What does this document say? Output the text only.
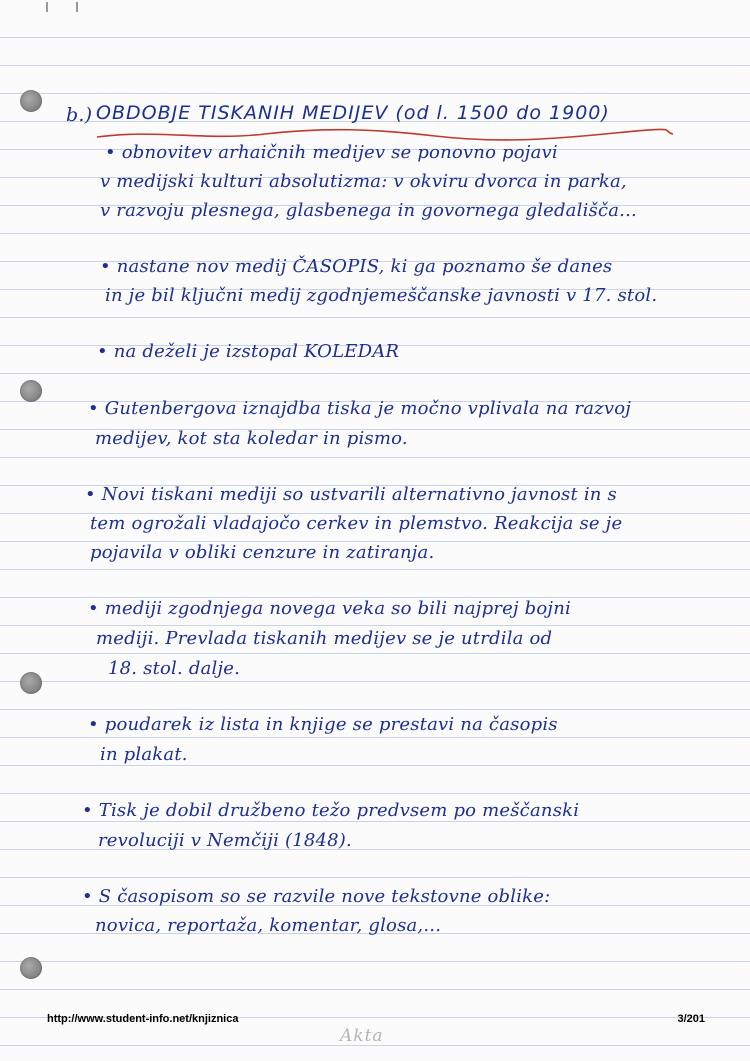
b.) OBDOBJE TISKANIH MEDIJEV (od l. 1500 do 1900)
• obnovitev arhaičnih medijev se ponovno pojavi
v medijski kulturi absolutizma: v okviru dvorca in parka,
v razvoju plesnega, glasbenega in govornega gledališča...
• nastane nov medij ČASOPIS, ki ga poznamo še danes
in je bil ključni medij zgodnjemeščanske javnosti v 17. stol.
• na deželi je izstopal KOLEDAR
• Gutenbergova iznajdba tiska je močno vplivala na razvoj
medijev, kot sta koledar in pismo.
• Novi tiskani mediji so ustvarili alternativno javnost in s
tem ogrožali vladajočo cerkev in plemstvo. Reakcija se je
pojavila v obliki cenzure in zatiranja.
• mediji zgodnjega novega veka so bili najprej bojni
mediji. Prevlada tiskanih medijev se je utrdila od
18. stol. dalje.
• poudarek iz lista in knjige se prestavi na časopis
in plakat.
• Tisk je dobil družbeno težo predvsem po meščanski
revoluciji v Nemčiji (1848).
• S časopisom so se razvile nove tekstovne oblike:
novica, reportaža, komentar, glosa,...
http://www.student-info.net/knjiznica	3/201
Akta
